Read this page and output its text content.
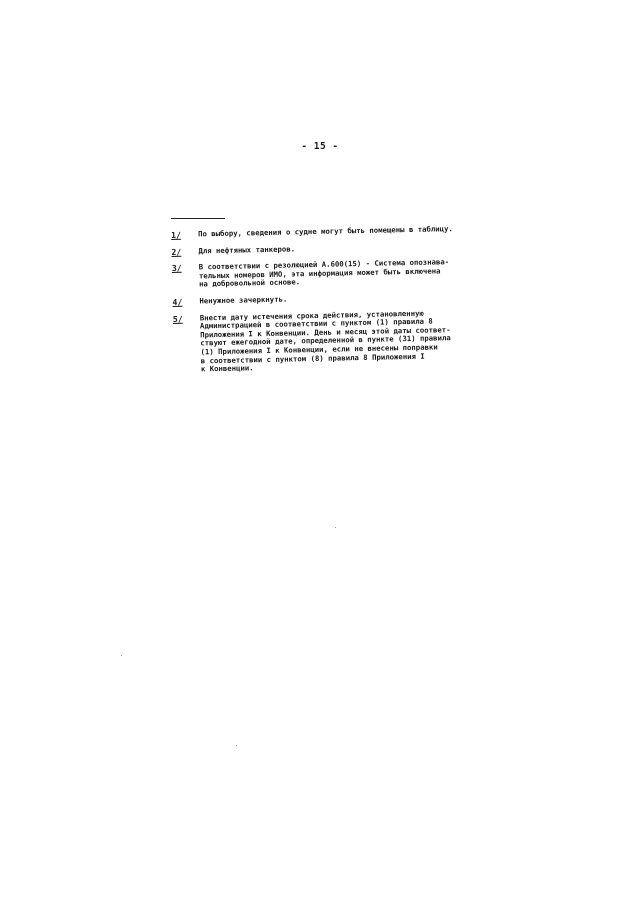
- 15 -
1/	По выбору, сведения о судне могут быть помещены в таблицу.
2/	Для нефтяных танкеров.
3/	В соответствии с резолюцией А.600(15) - Система опознава-
тельных номеров ИМО, эта информация может быть включена
на добровольной основе.
4/	Ненужное зачеркнуть.
5/	Внести дату истечения срока действия, установленную
Администрацией в соответствии с пунктом (1) правила 8
Приложения I к Конвенции. День и месяц этой даты соответ-
ствуют ежегодной дате, определенной в пункте (31) правила
(1) Приложения I к Конвенции, если не внесены поправки
в соответствии с пунктом (8) правила 8 Приложения I
к Конвенции.
